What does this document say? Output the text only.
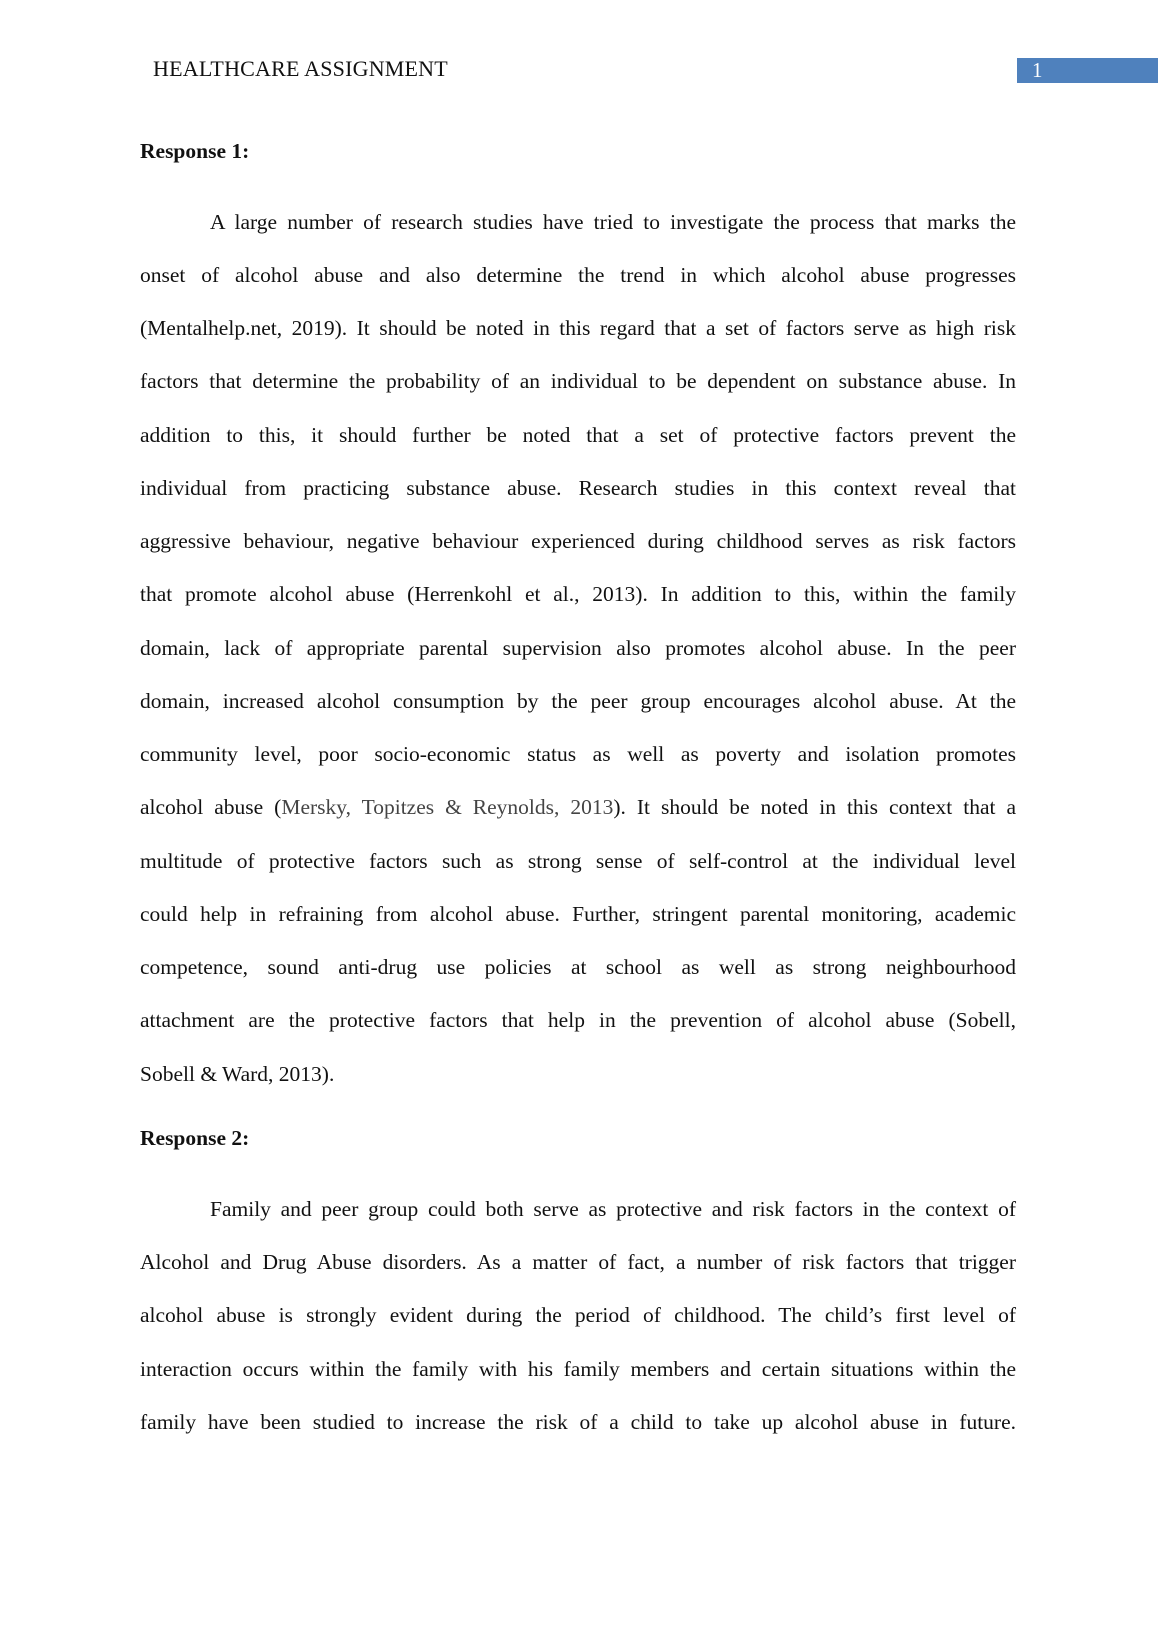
HEALTHCARE ASSIGNMENT	1
Response 1:
A large number of research studies have tried to investigate the process that marks the
onset of alcohol abuse and also determine the trend in which alcohol abuse progresses
(Mentalhelp.net, 2019). It should be noted in this regard that a set of factors serve as high risk
factors that determine the probability of an individual to be dependent on substance abuse. In
addition to this, it should further be noted that a set of protective factors prevent the
individual from practicing substance abuse. Research studies in this context reveal that
aggressive behaviour, negative behaviour experienced during childhood serves as risk factors
that promote alcohol abuse (Herrenkohl et al., 2013). In addition to this, within the family
domain, lack of appropriate parental supervision also promotes alcohol abuse. In the peer
domain, increased alcohol consumption by the peer group encourages alcohol abuse. At the
community level, poor socio-economic status as well as poverty and isolation promotes
alcohol abuse (Mersky, Topitzes & Reynolds, 2013). It should be noted in this context that a
multitude of protective factors such as strong sense of self-control at the individual level
could help in refraining from alcohol abuse. Further, stringent parental monitoring, academic
competence, sound anti-drug use policies at school as well as strong neighbourhood
attachment are the protective factors that help in the prevention of alcohol abuse (Sobell,
Sobell & Ward, 2013).
Response 2:
Family and peer group could both serve as protective and risk factors in the context of
Alcohol and Drug Abuse disorders. As a matter of fact, a number of risk factors that trigger
alcohol abuse is strongly evident during the period of childhood. The child’s first level of
interaction occurs within the family with his family members and certain situations within the
family have been studied to increase the risk of a child to take up alcohol abuse in future.
